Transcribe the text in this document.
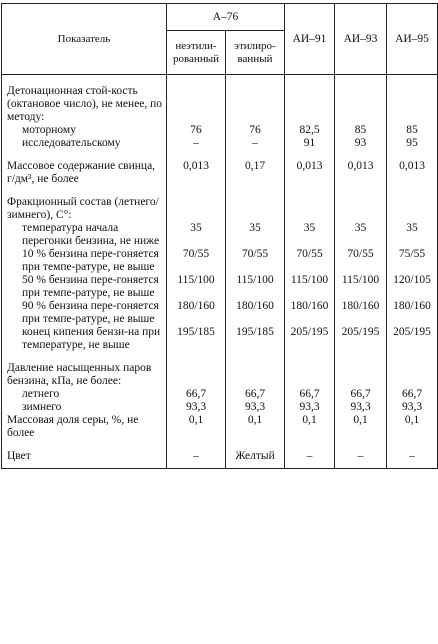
Показатель	А–76		АИ–91	АИ–93	АИ–95
	неэтили-рованный	этилиро-ванный			

Детонационная стой-кость (октановое число), не менее, по методу:					
моторному	76	76	82,5	85	85
исследовательскому	–	–	91	93	95

Массовое содержание свинца, г/дм³, не более	0,013	0,17	0,013	0,013	0,013

Фракционный состав (летнего/зимнего), С°:					
температура начала перегонки бензина, не ниже	35	35	35	35	35
10 % бензина пере-гоняется при темпе-ратуре, не выше	70/55	70/55	70/55	70/55	75/55
50 % бензина пере-гоняется при темпе-ратуре, не выше	115/100	115/100	115/100	115/100	120/105
90 % бензина пере-гоняется при темпе-ратуре, не выше	180/160	180/160	180/160	180/160	180/160
конец кипения бензи-на при температуре, не выше	195/185	195/185	205/195	205/195	205/195

Давление насыщенных паров бензина, кПа, не более:					
летнего	66,7	66,7	66,7	66,7	66,7
зимнего	93,3	93,3	93,3	93,3	93,3
Массовая доля серы, %, не более	0,1	0,1	0,1	0,1	0,1

Цвет	–	Желтый	–	–	–
